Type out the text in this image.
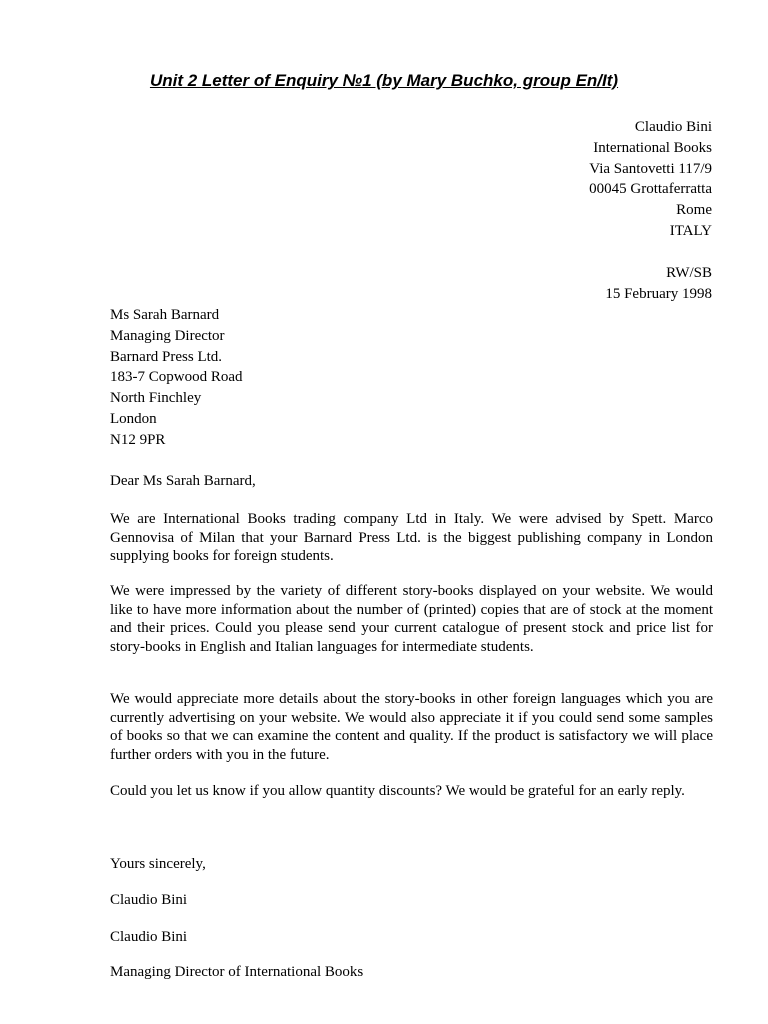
Unit 2 Letter of Enquiry №1 (by Mary Buchko, group En/It)
Claudio Bini
International Books
Via Santovetti 117/9
00045 Grottaferratta
Rome
ITALY
RW/SB
15 February 1998
Ms Sarah Barnard
Managing Director
Barnard Press Ltd.
183-7 Copwood Road
North Finchley
London
N12 9PR

Dear Ms Sarah Barnard,

We are International Books trading company Ltd in Italy. We were advised by Spett. Marco Gennovisa of Milan that your Barnard Press Ltd. is the biggest publishing company in London supplying books for foreign students.

We were impressed by the variety of different story-books displayed on your website. We would like to have more information about the number of (printed) copies that are of stock at the moment and their prices. Could you please send your current catalogue of present stock and price list for story-books in English and Italian languages for intermediate students.

We would appreciate more details about the story-books in other foreign languages which you are currently advertising on your website. We would also appreciate it if you could send some samples of books so that we can examine the content and quality. If the product is satisfactory we will place further orders with you in the future.

Could you let us know if you allow quantity discounts? We would be grateful for an early reply.

Yours sincerely,

Claudio Bini

Claudio Bini

Managing Director of International Books
